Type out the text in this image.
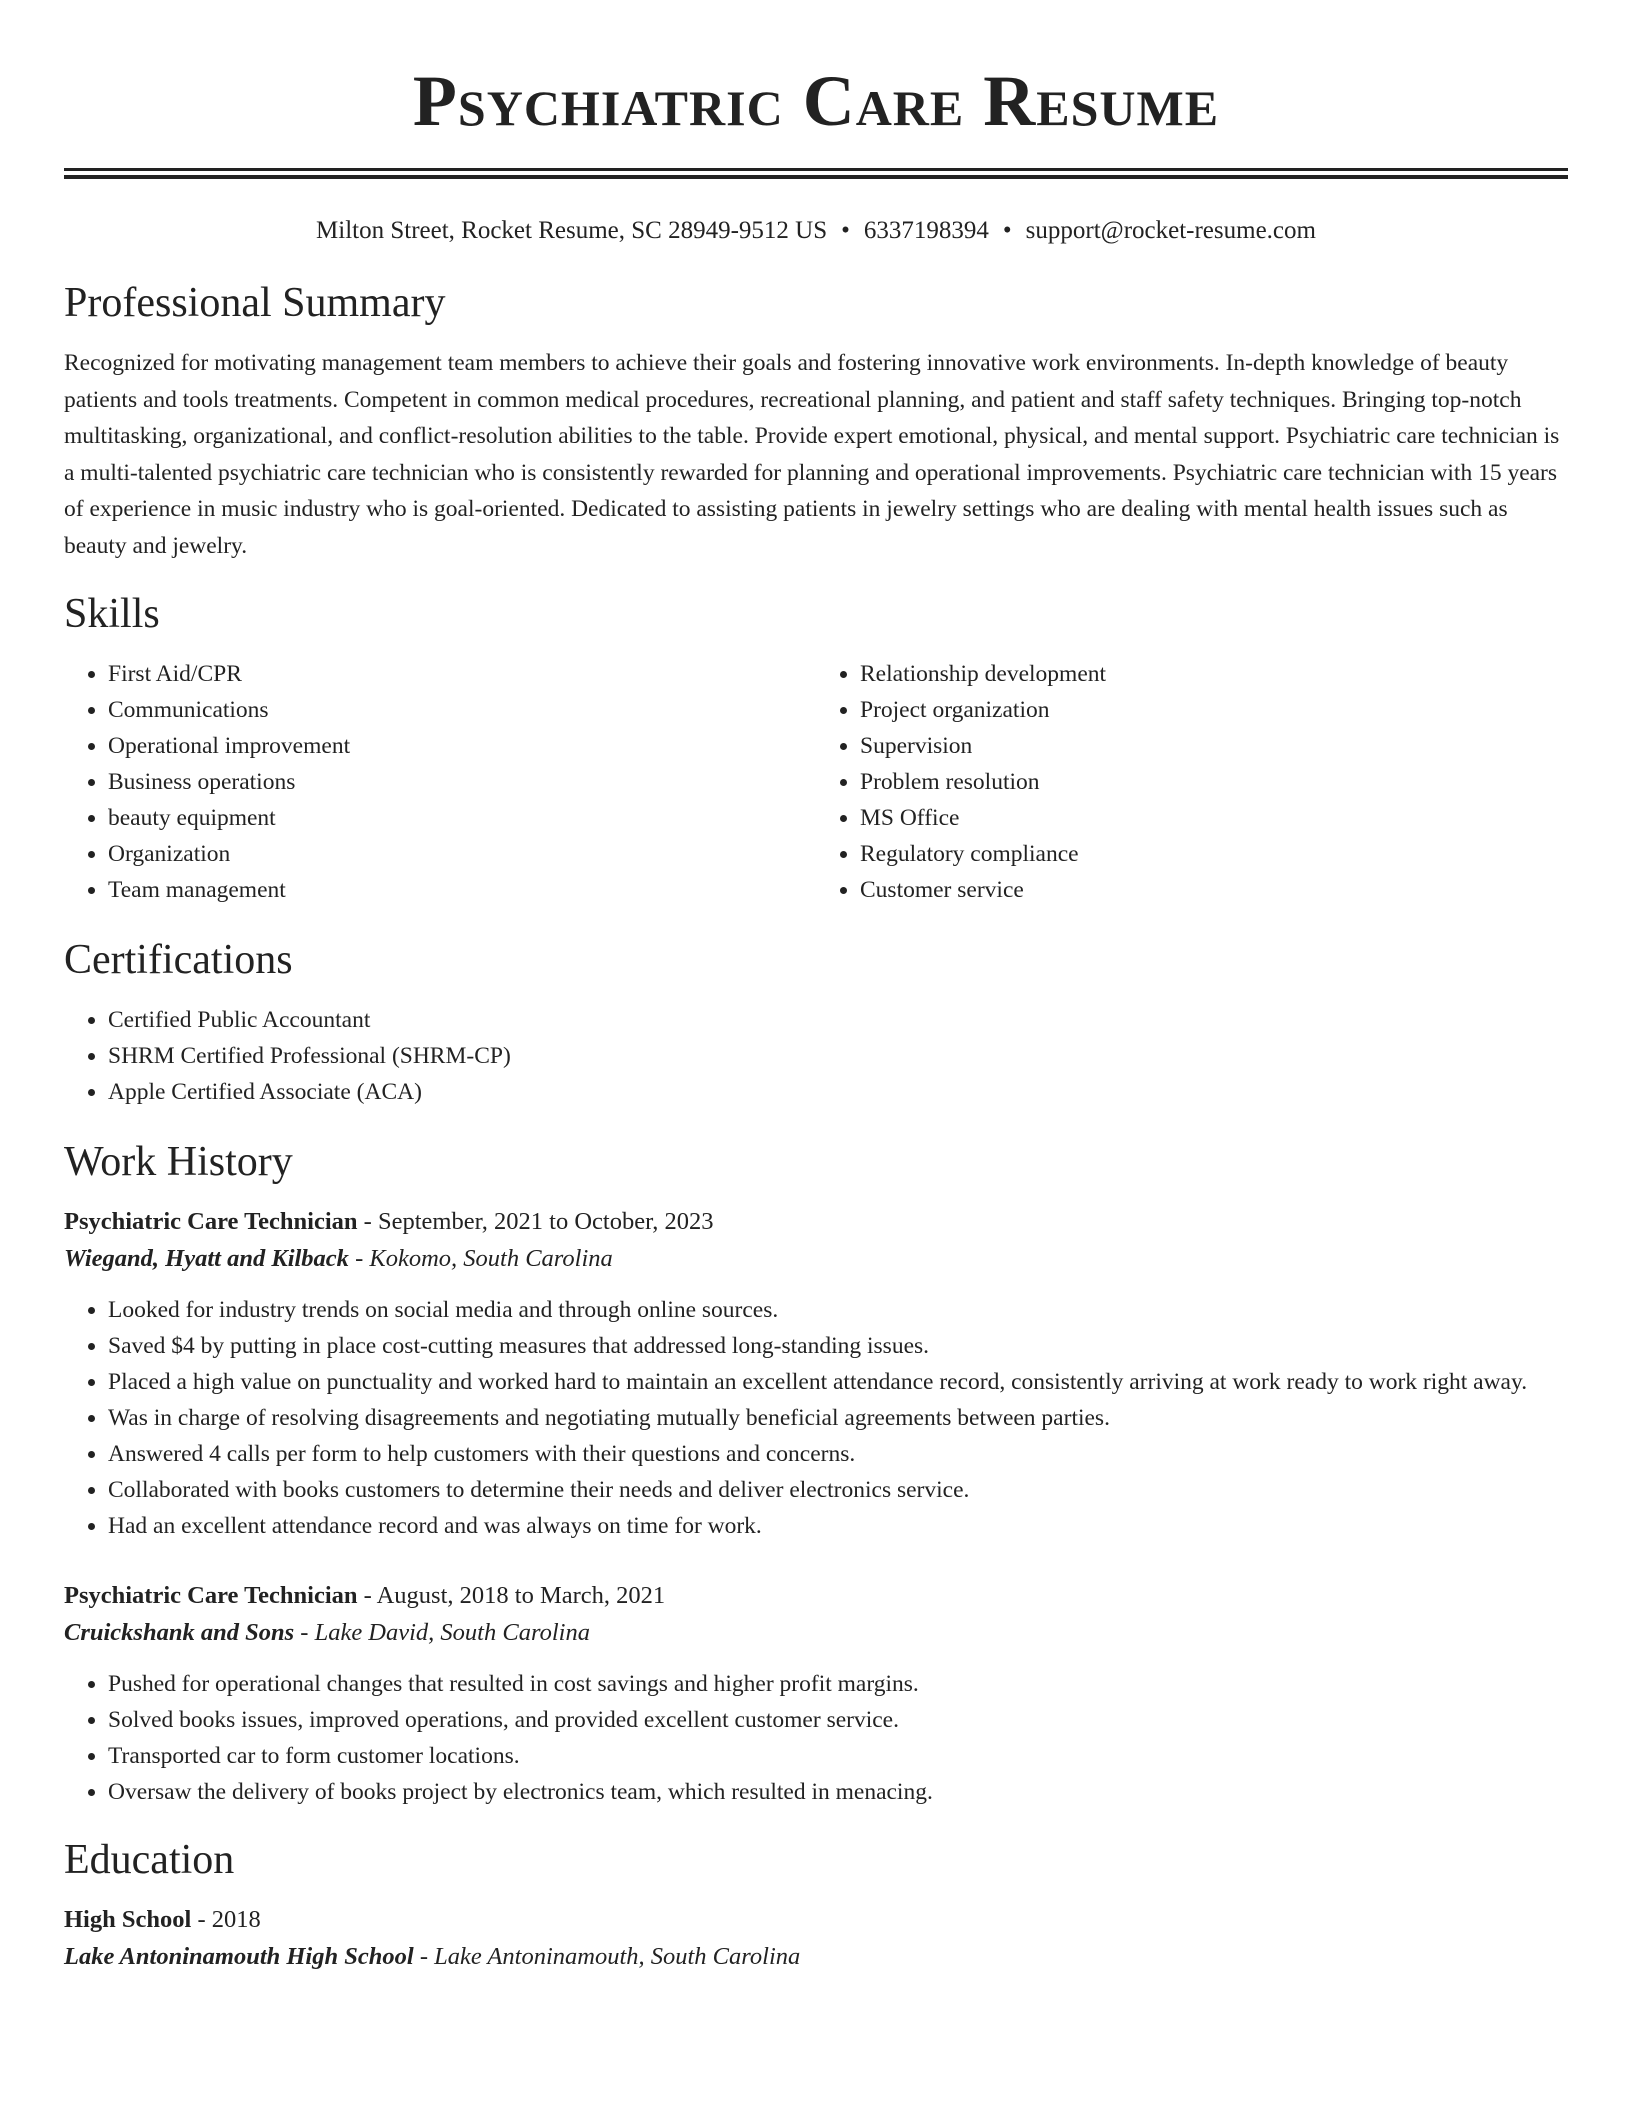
Psychiatric Care Resume
Milton Street, Rocket Resume, SC 28949-9512 US • 6337198394 • support@rocket-resume.com
Professional Summary
Recognized for motivating management team members to achieve their goals and fostering innovative work environments. In-depth knowledge of beauty patients and tools treatments. Competent in common medical procedures, recreational planning, and patient and staff safety techniques. Bringing top-notch multitasking, organizational, and conflict-resolution abilities to the table. Provide expert emotional, physical, and mental support. Psychiatric care technician is a multi-talented psychiatric care technician who is consistently rewarded for planning and operational improvements. Psychiatric care technician with 15 years of experience in music industry who is goal-oriented. Dedicated to assisting patients in jewelry settings who are dealing with mental health issues such as beauty and jewelry.
Skills
• First Aid/CPR
• Communications
• Operational improvement
• Business operations
• beauty equipment
• Organization
• Team management
• Relationship development
• Project organization
• Supervision
• Problem resolution
• MS Office
• Regulatory compliance
• Customer service
Certifications
• Certified Public Accountant
• SHRM Certified Professional (SHRM-CP)
• Apple Certified Associate (ACA)
Work History
Psychiatric Care Technician - September, 2021 to October, 2023
Wiegand, Hyatt and Kilback - Kokomo, South Carolina
• Looked for industry trends on social media and through online sources.
• Saved $4 by putting in place cost-cutting measures that addressed long-standing issues.
• Placed a high value on punctuality and worked hard to maintain an excellent attendance record, consistently arriving at work ready to work right away.
• Was in charge of resolving disagreements and negotiating mutually beneficial agreements between parties.
• Answered 4 calls per form to help customers with their questions and concerns.
• Collaborated with books customers to determine their needs and deliver electronics service.
• Had an excellent attendance record and was always on time for work.
Psychiatric Care Technician - August, 2018 to March, 2021
Cruickshank and Sons - Lake David, South Carolina
• Pushed for operational changes that resulted in cost savings and higher profit margins.
• Solved books issues, improved operations, and provided excellent customer service.
• Transported car to form customer locations.
• Oversaw the delivery of books project by electronics team, which resulted in menacing.
Education
High School - 2018
Lake Antoninamouth High School - Lake Antoninamouth, South Carolina
